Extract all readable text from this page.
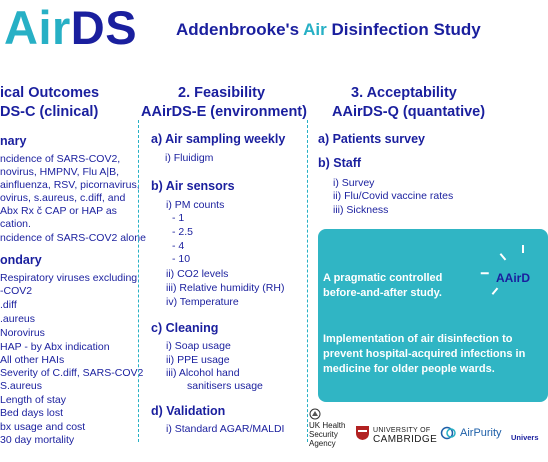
AirDS Addenbrooke's Air Disinfection Study
ical Outcomes
DS-C (clinical)
nary
ncidence of SARS-COV2,
novirus, HMPNV, Flu A|B,
ainfluenza, RSV, picornavirus,
ovirus, s.aureus, c.diff, and
Abx Rx č CAP or HAP as
cation.
ncidence of SARS-COV2 alone
ondary
Respiratory viruses excluding
-COV2
.diff
.aureus
Norovirus
HAP - by Abx indication
All other HAIs
Severity of C.diff, SARS-COV2
S.aureus
Length of stay
Bed days lost
bx usage and cost
30 day mortality
2. Feasibility
AAirDS-E (environment)
a) Air sampling weekly
i) Fluidigm
b) Air sensors
i) PM counts
- 1
- 2.5
- 4
- 10
ii) CO2 levels
iii) Relative humidity (RH)
iv) Temperature
c) Cleaning
i) Soap usage
ii) PPE usage
iii) Alcohol hand
sanitisers usage
d) Validation
i) Standard AGAR/MALDI
3. Acceptability
AAirDS-Q (quantative)
a) Patients survey
b) Staff
i) Survey
ii) Flu/Covid vaccine rates
iii) Sickness
A pragmatic controlled
before-and-after study.
AAirD
Implementation of air disinfection to
prevent hospital-acquired infections in
medicine for older people wards.
UK Health
Security
Agency
UNIVERSITY OF
CAMBRIDGE
AirPurity Univers
